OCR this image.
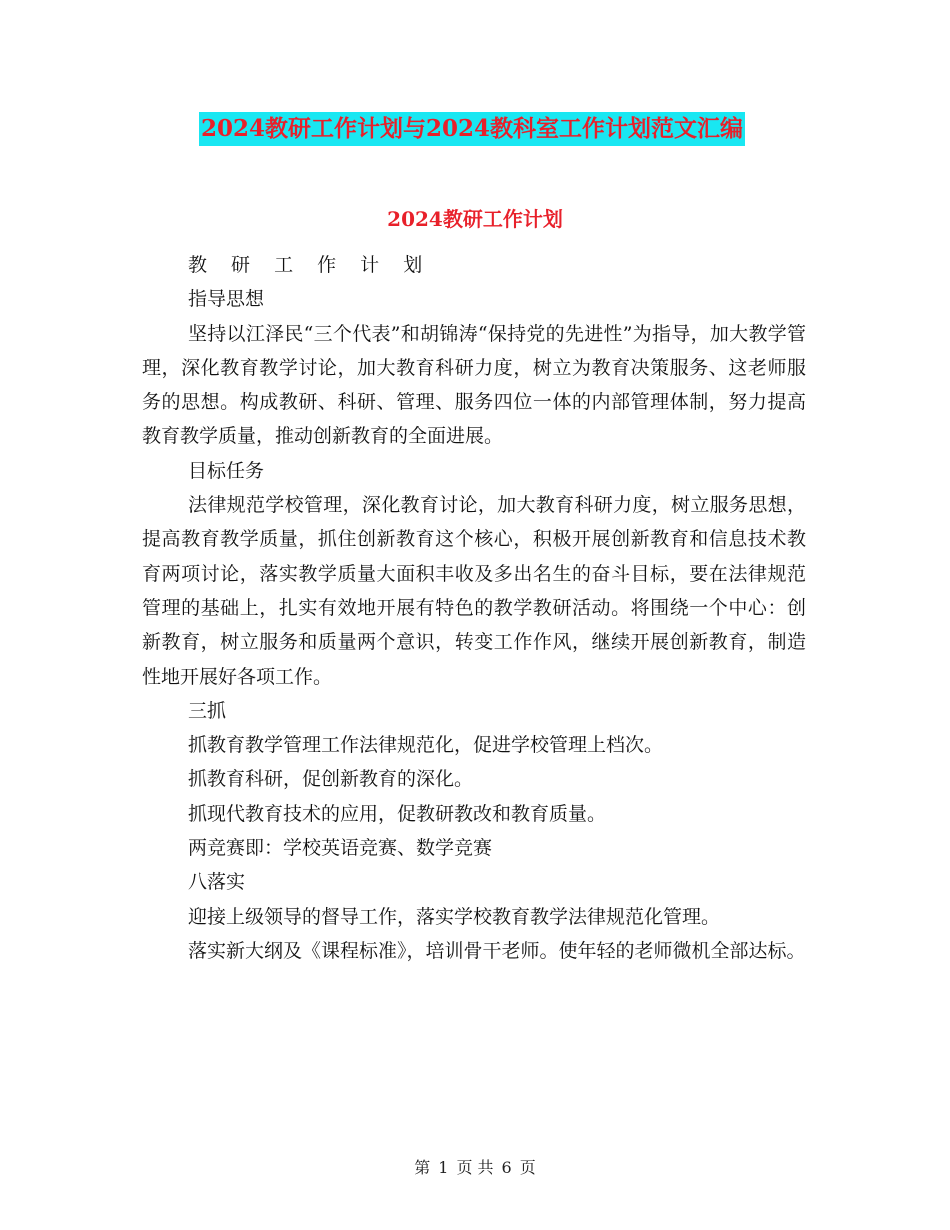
2024教研工作计划与2024教科室工作计划范文汇编
2024教研工作计划

教 研 工 作 计 划

指导思想

坚持以江泽民“三个代表”和胡锦涛“保持党的先进性”为指导，加大教学管理，深化教育教学讨论，加大教育科研力度，树立为教育决策服务、这老师服务的思想。构成教研、科研、管理、服务四位一体的内部管理体制，努力提高教育教学质量，推动创新教育的全面进展。

目标任务

法律规范学校管理，深化教育讨论，加大教育科研力度，树立服务思想，提高教育教学质量，抓住创新教育这个核心，积极开展创新教育和信息技术教育两项讨论，落实教学质量大面积丰收及多出名生的奋斗目标，要在法律规范管理的基础上，扎实有效地开展有特色的教学教研活动。将围绕一个中心：创新教育，树立服务和质量两个意识，转变工作作风，继续开展创新教育，制造性地开展好各项工作。

三抓

抓教育教学管理工作法律规范化，促进学校管理上档次。

抓教育科研，促创新教育的深化。

抓现代教育技术的应用，促教研教改和教育质量。

两竞赛即：学校英语竞赛、数学竞赛

八落实

迎接上级领导的督导工作，落实学校教育教学法律规范化管理。

落实新大纲及《课程标准》，培训骨干老师。使年轻的老师微机全部达标。

第 1 页 共 6 页
